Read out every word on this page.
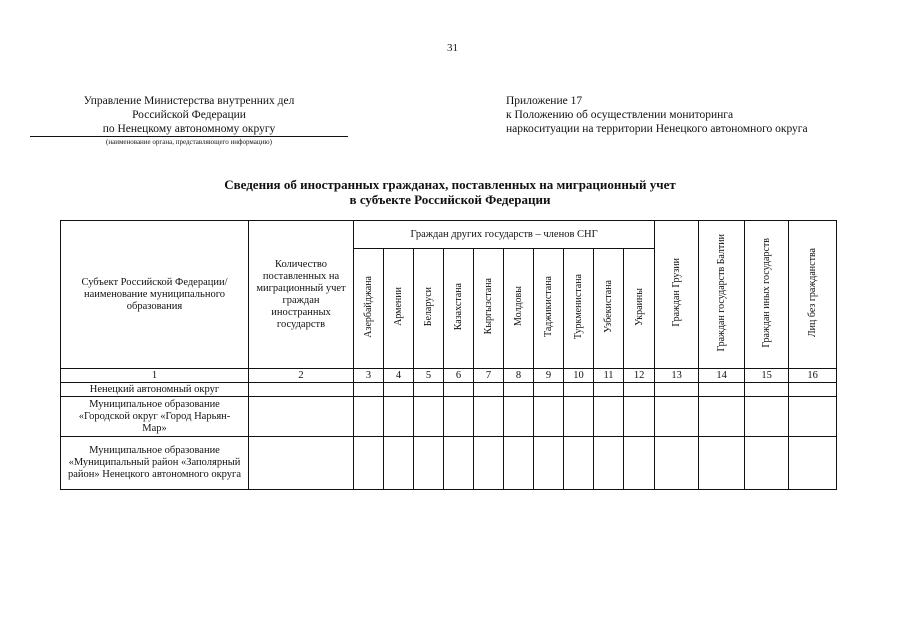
31
Управление Министерства внутренних дел
Российской Федерации
по Ненецкому автономному округу
(наименование органа, представляющего информацию)
Приложение 17
к Положению об осуществлении мониторинга
наркоситуации на территории Ненецкого автономного округа
Сведения об иностранных гражданах, поставленных на миграционный учет
в субъекте Российской Федерации
Субъект Российской Федерации/ наименование муниципального образования	Количество поставленных на миграционный учет граждан иностранных государств	Граждан других государств – членов СНГ										Граждан Грузии	Граждан государств Балтии	Граждан иных государств	Лиц без гражданства
		Азербайджана	Армении	Беларуси	Казахстана	Кыргызстана	Молдовы	Таджикистана	Туркменистана	Узбекистана	Украины				
1	2	3	4	5	6	7	8	9	10	11	12	13	14	15	16
Ненецкий автономный округ															
Муниципальное образование «Городской округ «Город Нарьян-Мар»															
Муниципальное образование «Муниципальный район «Заполярный район» Ненецкого автономного округа															
